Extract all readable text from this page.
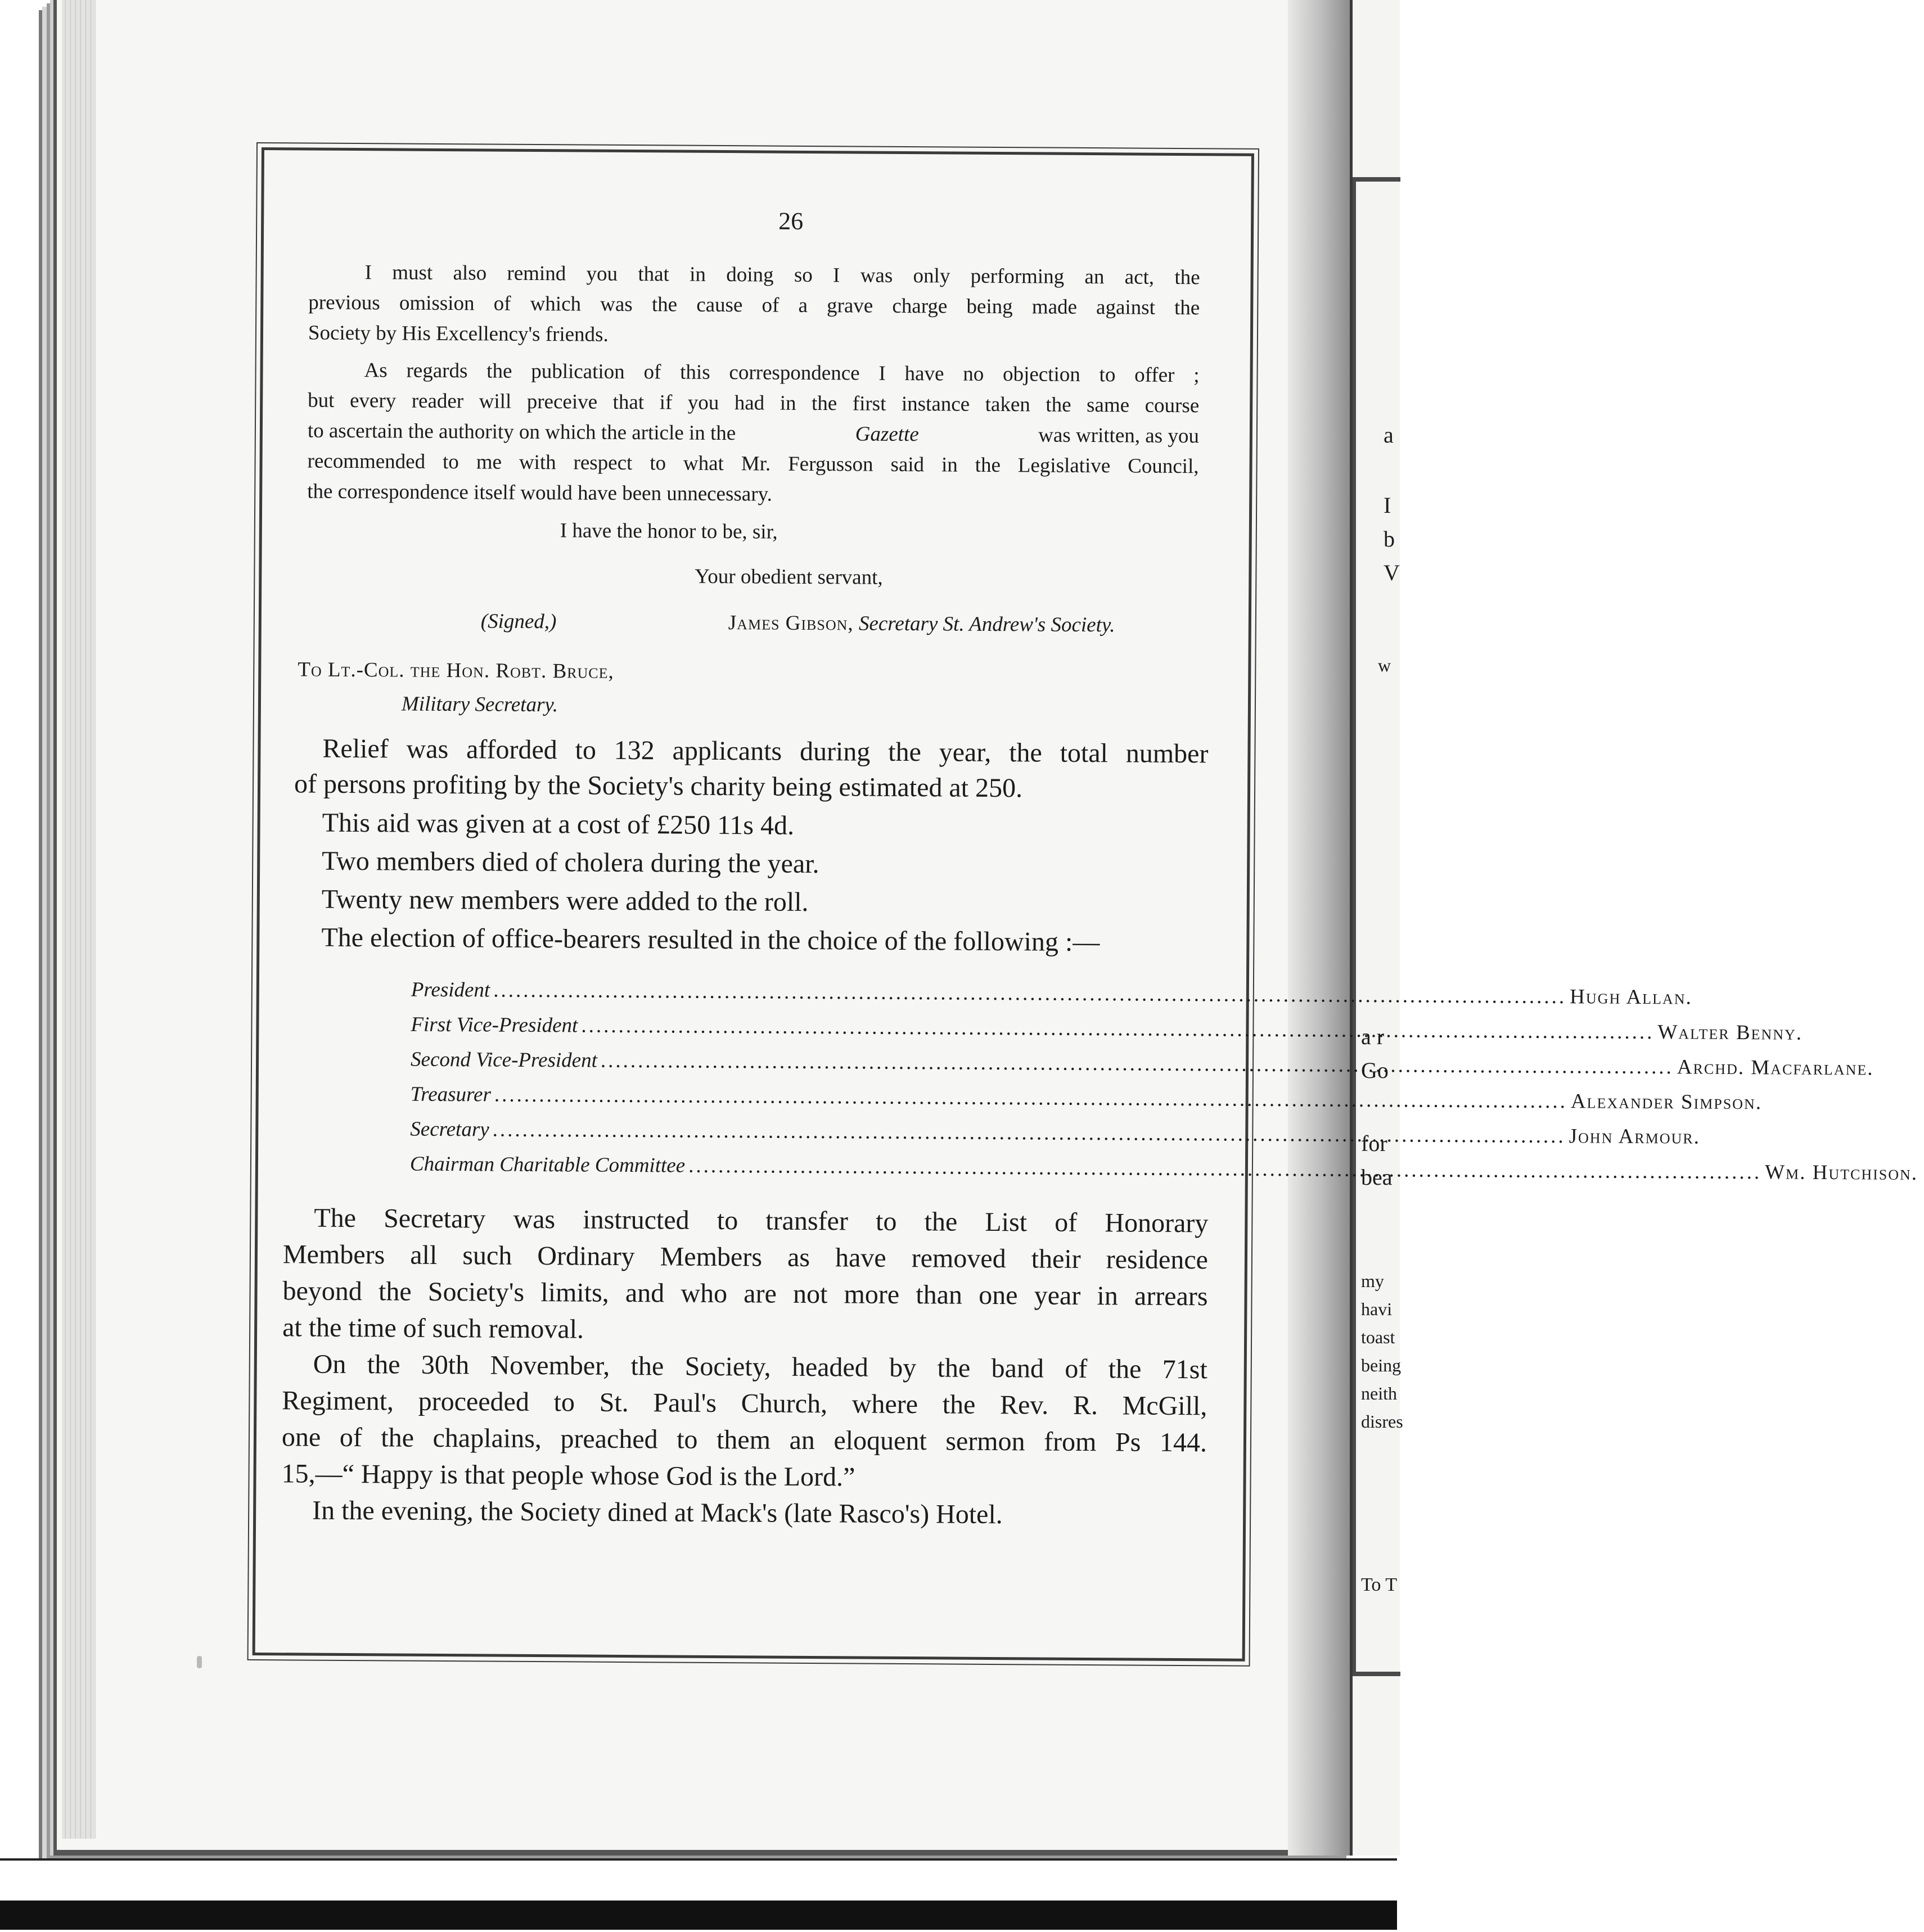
a
I
b
V
w
a r
Go
for
bea
my
havi
toast
being
neith
disres
To T
26
I must also remind you that in doing so I was only performing an act, the
previous omission of which was the cause of a grave charge being made against the
Society by His Excellency's friends.
As regards the publication of this correspondence I have no objection to offer ;
but every reader will preceive that if you had in the first instance taken the same course
to ascertain the authority on which the article in the	Gazette	was written, as you
recommended to me with respect to what Mr. Fergusson said in the Legislative Council,
the correspondence itself would have been unnecessary.
I have the honor to be, sir,
Your obedient servant,
(Signed,)	James Gibson, Secretary St. Andrew's Society.
To Lt.-Col. the Hon. Robt. Bruce,
Military Secretary.
Relief was afforded to 132 applicants during the year, the total number
of persons profiting by the Society's charity being estimated at 250.
This aid was given at a cost of £250 11s 4d.
Two members died of cholera during the year.
Twenty new members were added to the roll.
The election of office-bearers resulted in the choice of the following :—
President .....	Hugh Allan.
First Vice-President .....	Walter Benny.
Second Vice-President .....	Archd. Macfarlane.
Treasurer .....	Alexander Simpson.
Secretary .....	John Armour.
Chairman Charitable Committee .....	Wm. Hutchison.
The Secretary was instructed to transfer to the List of Honorary
Members all such Ordinary Members as have removed their residence
beyond the Society's limits, and who are not more than one year in arrears
at the time of such removal.
On the 30th November, the Society, headed by the band of the 71st
Regiment, proceeded to St. Paul's Church, where the Rev. R. McGill,
one of the chaplains, preached to them an eloquent sermon from Ps 144.
15,—“ Happy is that people whose God is the Lord.”
In the evening, the Society dined at Mack's (late Rasco's) Hotel.
